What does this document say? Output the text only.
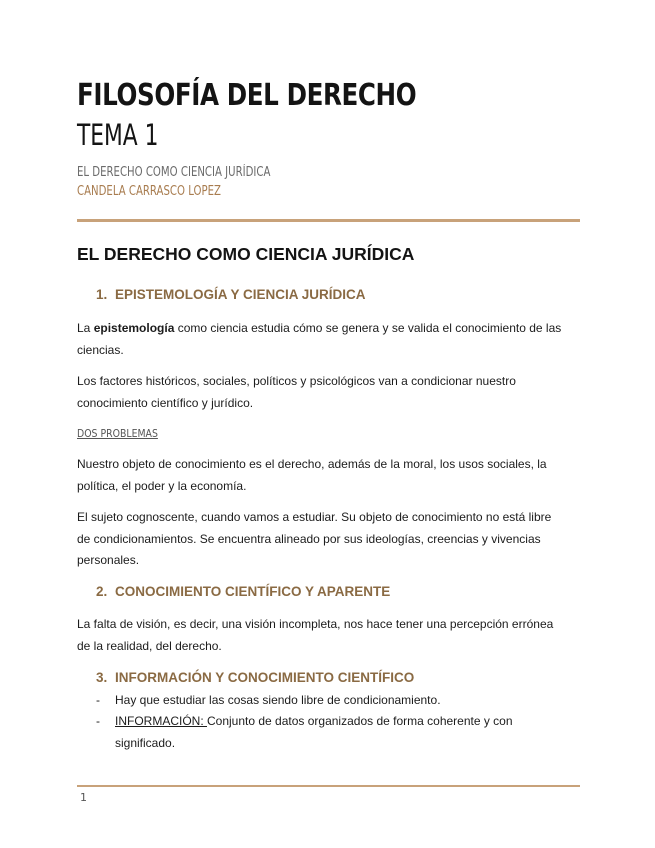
FILOSOFÍA DEL DERECHO
TEMA 1
EL DERECHO COMO CIENCIA JURÍDICA
CANDELA CARRASCO LOPEZ
EL DERECHO COMO CIENCIA JURÍDICA
1. EPISTEMOLOGÍA Y CIENCIA JURÍDICA

La epistemología como ciencia estudia cómo se genera y se valida el conocimiento de las
ciencias.

Los factores históricos, sociales, políticos y psicológicos van a condicionar nuestro
conocimiento científico y jurídico.

DOS PROBLEMAS

Nuestro objeto de conocimiento es el derecho, además de la moral, los usos sociales, la
política, el poder y la economía.

El sujeto cognoscente, cuando vamos a estudiar. Su objeto de conocimiento no está libre
de condicionamientos. Se encuentra alineado por sus ideologías, creencias y vivencias
personales.

2. CONOCIMIENTO CIENTÍFICO Y APARENTE

La falta de visión, es decir, una visión incompleta, nos hace tener una percepción errónea
de la realidad, del derecho.

3. INFORMACIÓN Y CONOCIMIENTO CIENTÍFICO
- Hay que estudiar las cosas siendo libre de condicionamiento.
- INFORMACIÓN: Conjunto de datos organizados de forma coherente y con
significado.
1
